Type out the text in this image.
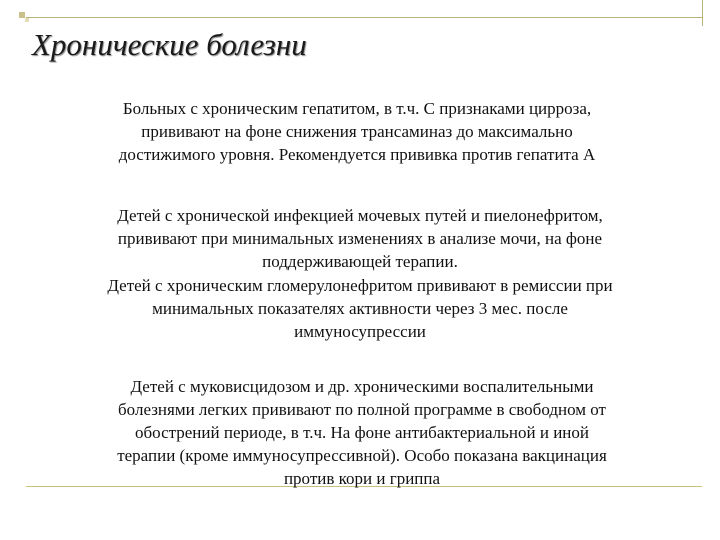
Хронические болезни
Больных с хроническим гепатитом, в т.ч. С признаками цирроза,
прививают на фоне снижения трансаминаз до максимально
достижимого уровня. Рекомендуется прививка против гепатита А
Детей с хронической инфекцией мочевых путей и пиелонефритом,
прививают при минимальных изменениях в анализе мочи, на фоне
поддерживающей терапии.
Детей с хроническим гломерулонефритом прививают в ремиссии при
минимальных показателях активности через 3 мес. после
иммуносупрессии
Детей с муковисцидозом и др. хроническими воспалительными
болезнями легких прививают по полной программе в свободном от
обострений периоде, в т.ч. На фоне антибактериальной и иной
терапии (кроме иммуносупрессивной). Особо показана вакцинация
против кори и гриппа
